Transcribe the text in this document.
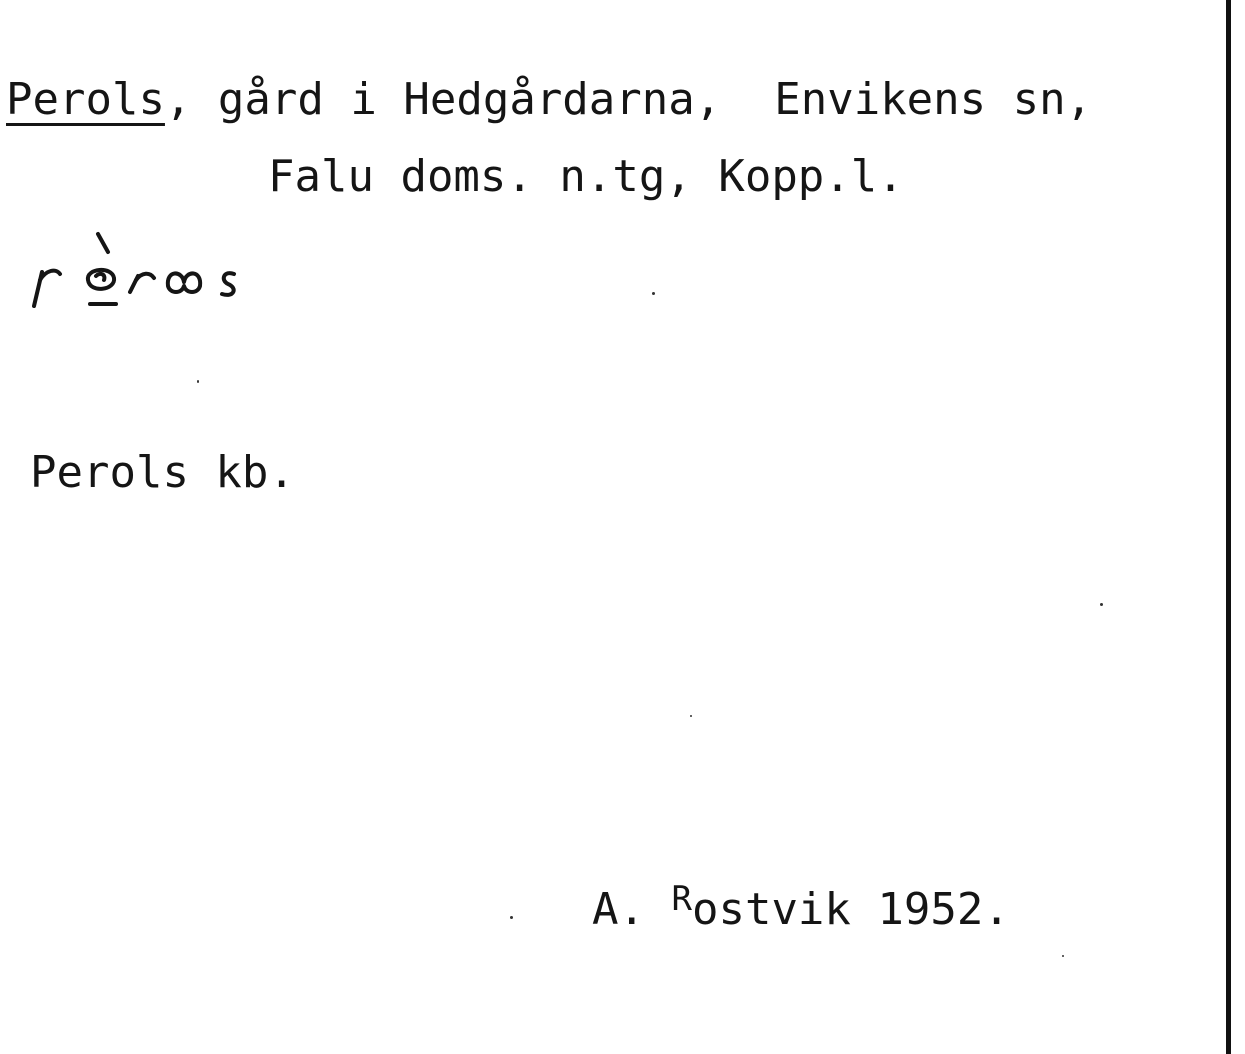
Perols, gård i Hedgårdarna,  Envikens sn,
Falu doms. n.tg, Kopp.l.
Perols kb.
A. $^R$ostvik 1952.
